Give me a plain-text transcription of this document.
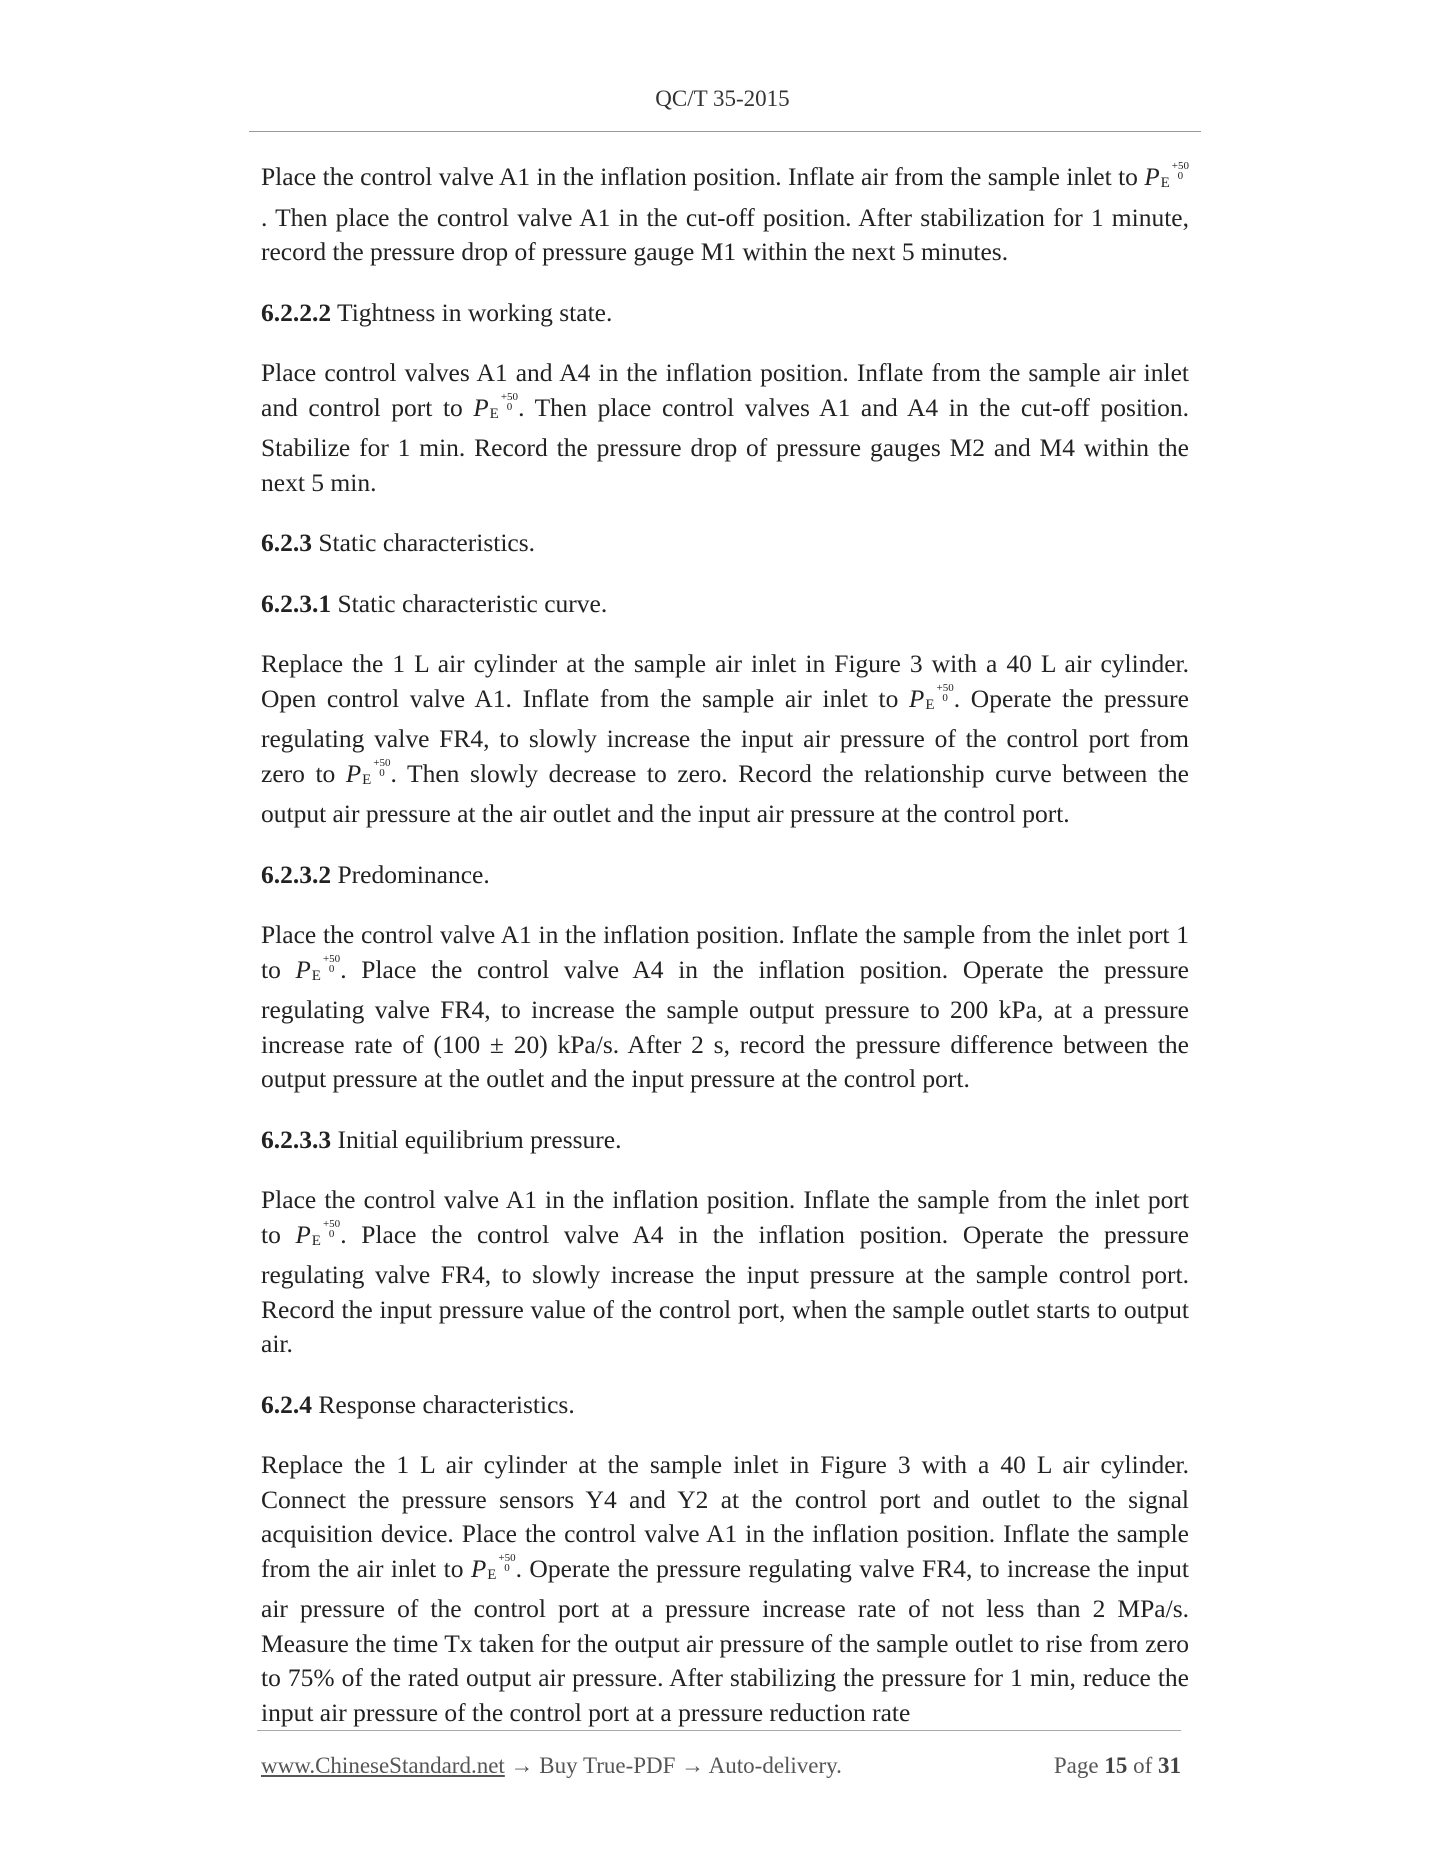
QC/T 35-2015

Place the control valve A1 in the inflation position. Inflate air from the sample inlet to PE+50
0. Then place the control valve A1 in the cut-off position. After stabilization for 1 minute, record the pressure drop of pressure gauge M1 within the next 5 minutes.

6.2.2.2 Tightness in working state.

Place control valves A1 and A4 in the inflation position. Inflate from the sample air inlet and control port to PE+50
0 . Then place control valves A1 and A4 in the cut-off position. Stabilize for 1 min. Record the pressure drop of pressure gauges M2 and M4 within the next 5 min.

6.2.3 Static characteristics.
6.2.3.1 Static characteristic curve.

Replace the 1 L air cylinder at the sample air inlet in Figure 3 with a 40 L air cylinder. Open control valve A1. Inflate from the sample air inlet to PE+50
0 . Operate the pressure regulating valve FR4, to slowly increase the input air pressure of the control port from zero to PE+50
0 . Then slowly decrease to zero. Record the relationship curve between the output air pressure at the air outlet and the input air pressure at the control port.

6.2.3.2 Predominance.

Place the control valve A1 in the inflation position. Inflate the sample from the inlet port 1 to PE+50
0 . Place the control valve A4 in the inflation position. Operate the pressure regulating valve FR4, to increase the sample output pressure to 200 kPa, at a pressure increase rate of (100 ± 20) kPa/s. After 2 s, record the pressure difference between the output pressure at the outlet and the input pressure at the control port.

6.2.3.3 Initial equilibrium pressure.

Place the control valve A1 in the inflation position. Inflate the sample from the inlet port to PE+50
0 . Place the control valve A4 in the inflation position. Operate the pressure regulating valve FR4, to slowly increase the input pressure at the sample control port. Record the input pressure value of the control port, when the sample outlet starts to output air.

6.2.4 Response characteristics.

Replace the 1 L air cylinder at the sample inlet in Figure 3 with a 40 L air cylinder. Connect the pressure sensors Y4 and Y2 at the control port and outlet to the signal acquisition device. Place the control valve A1 in the inflation position. Inflate the sample from the air inlet to PE+50
0 . Operate the pressure regulating valve FR4, to increase the input air pressure of the control port at a pressure increase rate of not less than 2 MPa/s. Measure the time Tx taken for the output air pressure of the sample outlet to rise from zero to 75% of the rated output air pressure. After stabilizing the pressure for 1 min, reduce the input air pressure of the control port at a pressure reduction rate

www.ChineseStandard.net → Buy True-PDF → Auto-delivery.	Page 15 of 31
